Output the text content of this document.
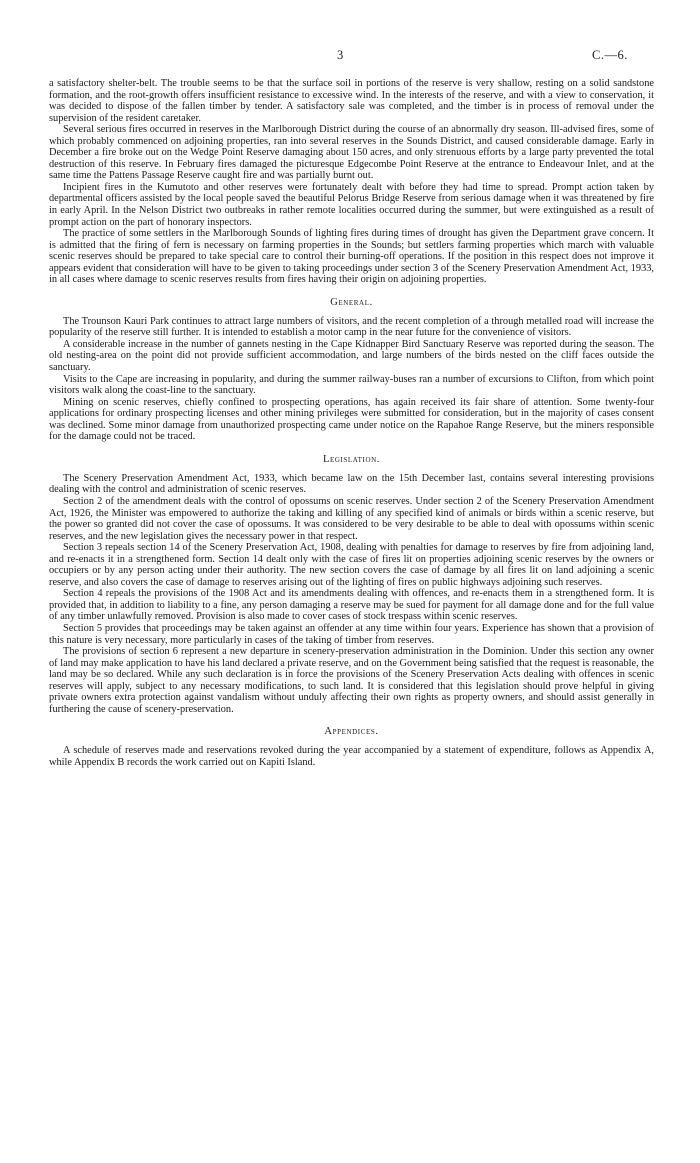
3	C.—6.

a satisfactory shelter-belt. The trouble seems to be that the surface soil in portions of the reserve is very shallow, resting on a solid sandstone formation, and the root-growth offers insufficient resistance to excessive wind. In the interests of the reserve, and with a view to conservation, it was decided to dispose of the fallen timber by tender. A satisfactory sale was completed, and the timber is in process of removal under the supervision of the resident caretaker.

Several serious fires occurred in reserves in the Marlborough District during the course of an abnormally dry season. Ill-advised fires, some of which probably commenced on adjoining properties, ran into several reserves in the Sounds District, and caused considerable damage. Early in December a fire broke out on the Wedge Point Reserve damaging about 150 acres, and only strenuous efforts by a large party prevented the total destruction of this reserve. In February fires damaged the picturesque Edgecombe Point Reserve at the entrance to Endeavour Inlet, and at the same time the Pattens Passage Reserve caught fire and was partially burnt out.

Incipient fires in the Kumutoto and other reserves were fortunately dealt with before they had time to spread. Prompt action taken by departmental officers assisted by the local people saved the beautiful Pelorus Bridge Reserve from serious damage when it was threatened by fire in early April. In the Nelson District two outbreaks in rather remote localities occurred during the summer, but were extinguished as a result of prompt action on the part of honorary inspectors.

The practice of some settlers in the Marlborough Sounds of lighting fires during times of drought has given the Department grave concern. It is admitted that the firing of fern is necessary on farming properties in the Sounds; but settlers farming properties which march with valuable scenic reserves should be prepared to take special care to control their burning-off operations. If the position in this respect does not improve it appears evident that consideration will have to be given to taking proceedings under section 3 of the Scenery Preservation Amendment Act, 1933, in all cases where damage to scenic reserves results from fires having their origin on adjoining properties.

General.

The Trounson Kauri Park continues to attract large numbers of visitors, and the recent completion of a through metalled road will increase the popularity of the reserve still further. It is intended to establish a motor camp in the near future for the convenience of visitors.

A considerable increase in the number of gannets nesting in the Cape Kidnapper Bird Sanctuary Reserve was reported during the season. The old nesting-area on the point did not provide sufficient accommodation, and large numbers of the birds nested on the cliff faces outside the sanctuary.

Visits to the Cape are increasing in popularity, and during the summer railway-buses ran a number of excursions to Clifton, from which point visitors walk along the coast-line to the sanctuary.

Mining on scenic reserves, chiefly confined to prospecting operations, has again received its fair share of attention. Some twenty-four applications for ordinary prospecting licenses and other mining privileges were submitted for consideration, but in the majority of cases consent was declined. Some minor damage from unauthorized prospecting came under notice on the Rapahoe Range Reserve, but the miners responsible for the damage could not be traced.

Legislation.

The Scenery Preservation Amendment Act, 1933, which became law on the 15th December last, contains several interesting provisions dealing with the control and administration of scenic reserves.

Section 2 of the amendment deals with the control of opossums on scenic reserves. Under section 2 of the Scenery Preservation Amendment Act, 1926, the Minister was empowered to authorize the taking and killing of any specified kind of animals or birds within a scenic reserve, but the power so granted did not cover the case of opossums. It was considered to be very desirable to be able to deal with opossums within scenic reserves, and the new legislation gives the necessary power in that respect.

Section 3 repeals section 14 of the Scenery Preservation Act, 1908, dealing with penalties for damage to reserves by fire from adjoining land, and re-enacts it in a strengthened form. Section 14 dealt only with the case of fires lit on properties adjoining scenic reserves by the owners or occupiers or by any person acting under their authority. The new section covers the case of damage by all fires lit on land adjoining a scenic reserve, and also covers the case of damage to reserves arising out of the lighting of fires on public highways adjoining such reserves.

Section 4 repeals the provisions of the 1908 Act and its amendments dealing with offences, and re-enacts them in a strengthened form. It is provided that, in addition to liability to a fine, any person damaging a reserve may be sued for payment for all damage done and for the full value of any timber unlawfully removed. Provision is also made to cover cases of stock trespass within scenic reserves.

Section 5 provides that proceedings may be taken against an offender at any time within four years. Experience has shown that a provision of this nature is very necessary, more particularly in cases of the taking of timber from reserves.

The provisions of section 6 represent a new departure in scenery-preservation administration in the Dominion. Under this section any owner of land may make application to have his land declared a private reserve, and on the Government being satisfied that the request is reasonable, the land may be so declared. While any such declaration is in force the provisions of the Scenery Preservation Acts dealing with offences in scenic reserves will apply, subject to any necessary modifications, to such land. It is considered that this legislation should prove helpful in giving private owners extra protection against vandalism without unduly affecting their own rights as property owners, and should assist generally in furthering the cause of scenery-preservation.

Appendices.

A schedule of reserves made and reservations revoked during the year accompanied by a statement of expenditure, follows as Appendix A, while Appendix B records the work carried out on Kapiti Island.
